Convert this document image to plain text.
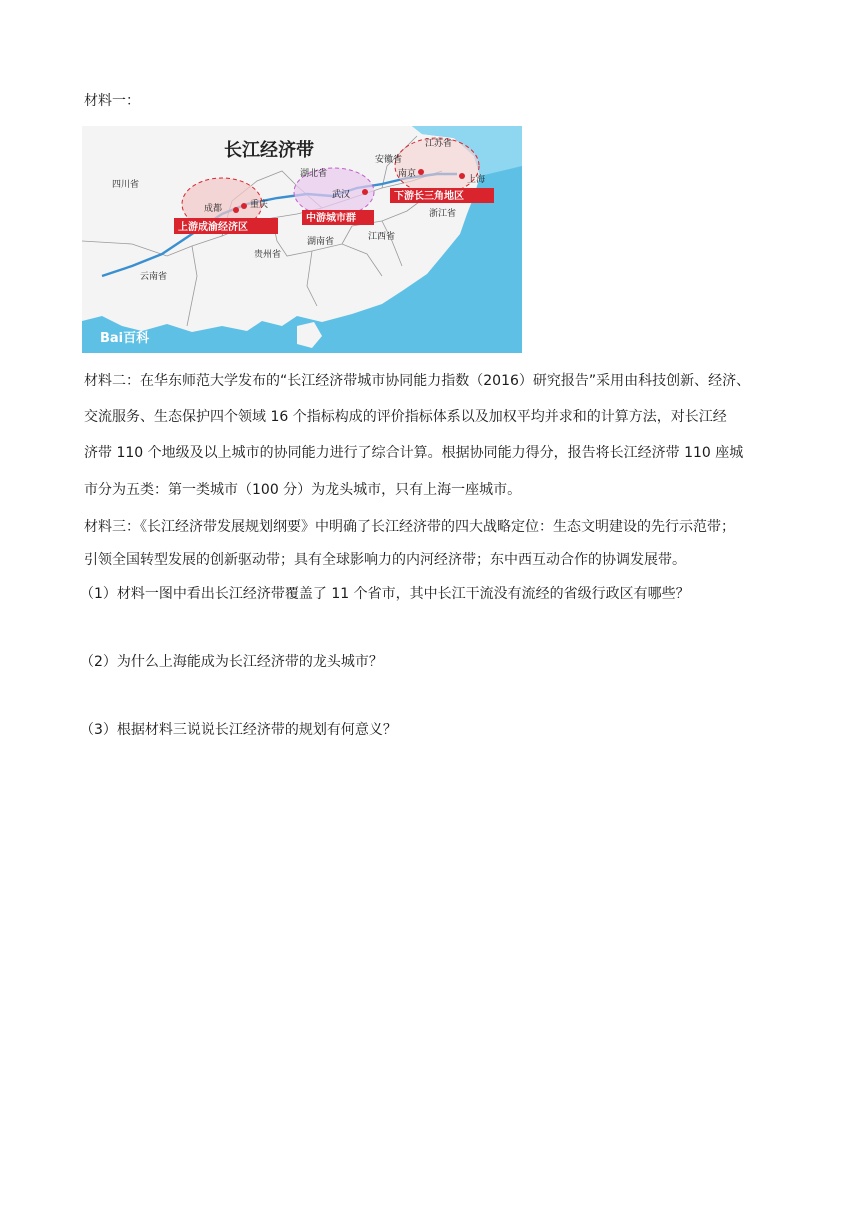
材料一：
长江经济带	江苏省
安徽省
湖北省
四川省
湖南省	江西省
浙江省
贵州省
云南省
南京
上海
武汉
成都	重庆
上游成渝经济区
中游城市群
下游长三角地区
Bai百科
材料二：在华东师范大学发布的“长江经济带城市协同能力指数（2016）研究报告”采用由科技创新、经济、
交流服务、生态保护四个领域 16 个指标构成的评价指标体系以及加权平均并求和的计算方法，对长江经
济带 110 个地级及以上城市的协同能力进行了综合计算。根据协同能力得分，报告将长江经济带 110 座城
市分为五类：第一类城市（100 分）为龙头城市，只有上海一座城市。
材料三：《长江经济带发展规划纲要》中明确了长江经济带的四大战略定位：生态文明建设的先行示范带；
引领全国转型发展的创新驱动带；具有全球影响力的内河经济带；东中西互动合作的协调发展带。
（1）材料一图中看出长江经济带覆盖了 11 个省市，其中长江干流没有流经的省级行政区有哪些？
（2）为什么上海能成为长江经济带的龙头城市？
（3）根据材料三说说长江经济带的规划有何意义？
